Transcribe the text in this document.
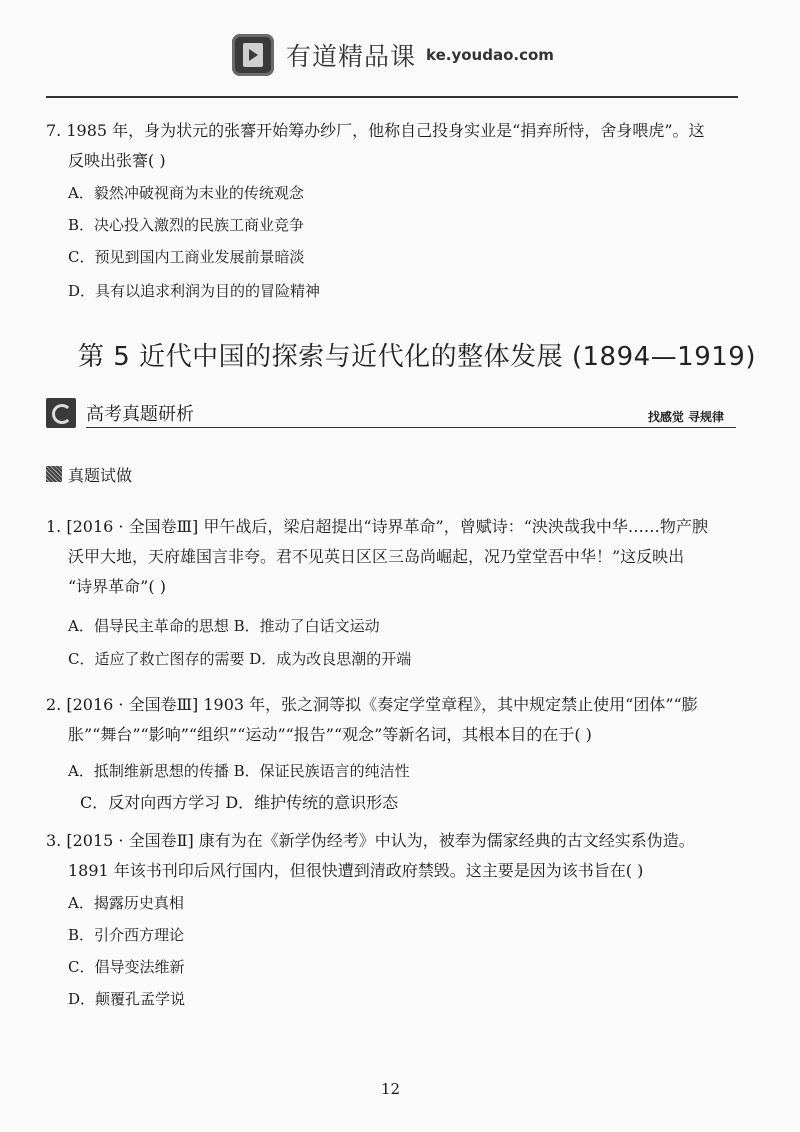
有道精品课 ke.youdao.com

7. 1985 年，身为状元的张謇开始筹办纱厂，他称自己投身实业是“捐弃所恃，舍身喂虎”。这

反映出张謇( )

A．毅然冲破视商为末业的传统观念
B．决心投入激烈的民族工商业竞争
C．预见到国内工商业发展前景暗淡
D．具有以追求利润为目的的冒险精神
第 5 近代中国的探索与近代化的整体发展 (1894—1919)
高考真题研析	找感觉 寻规律
真题试做

1. [2016 · 全国卷Ⅲ] 甲午战后，梁启超提出“诗界革命”，曾赋诗：“泱泱哉我中华……物产腴

沃甲大地，天府雄国言非夸。君不见英日区区三岛尚崛起，况乃堂堂吾中华！”这反映出

“诗界革命”( )

A．倡导民主革命的思想 B．推动了白话文运动
C．适应了救亡图存的需要 D．成为改良思潮的开端

2. [2016 · 全国卷Ⅲ] 1903 年，张之洞等拟《奏定学堂章程》，其中规定禁止使用“团体”“膨

胀”“舞台”“影响”“组织”“运动”“报告”“观念”等新名词，其根本目的在于( )

A．抵制维新思想的传播 B．保证民族语言的纯洁性
C．反对向西方学习 D．维护传统的意识形态

3. [2015 · 全国卷Ⅱ] 康有为在《新学伪经考》中认为，被奉为儒家经典的古文经实系伪造。

1891 年该书刊印后风行国内，但很快遭到清政府禁毁。这主要是因为该书旨在( )

A．揭露历史真相
B．引介西方理论
C．倡导变法维新
D．颠覆孔孟学说
12
